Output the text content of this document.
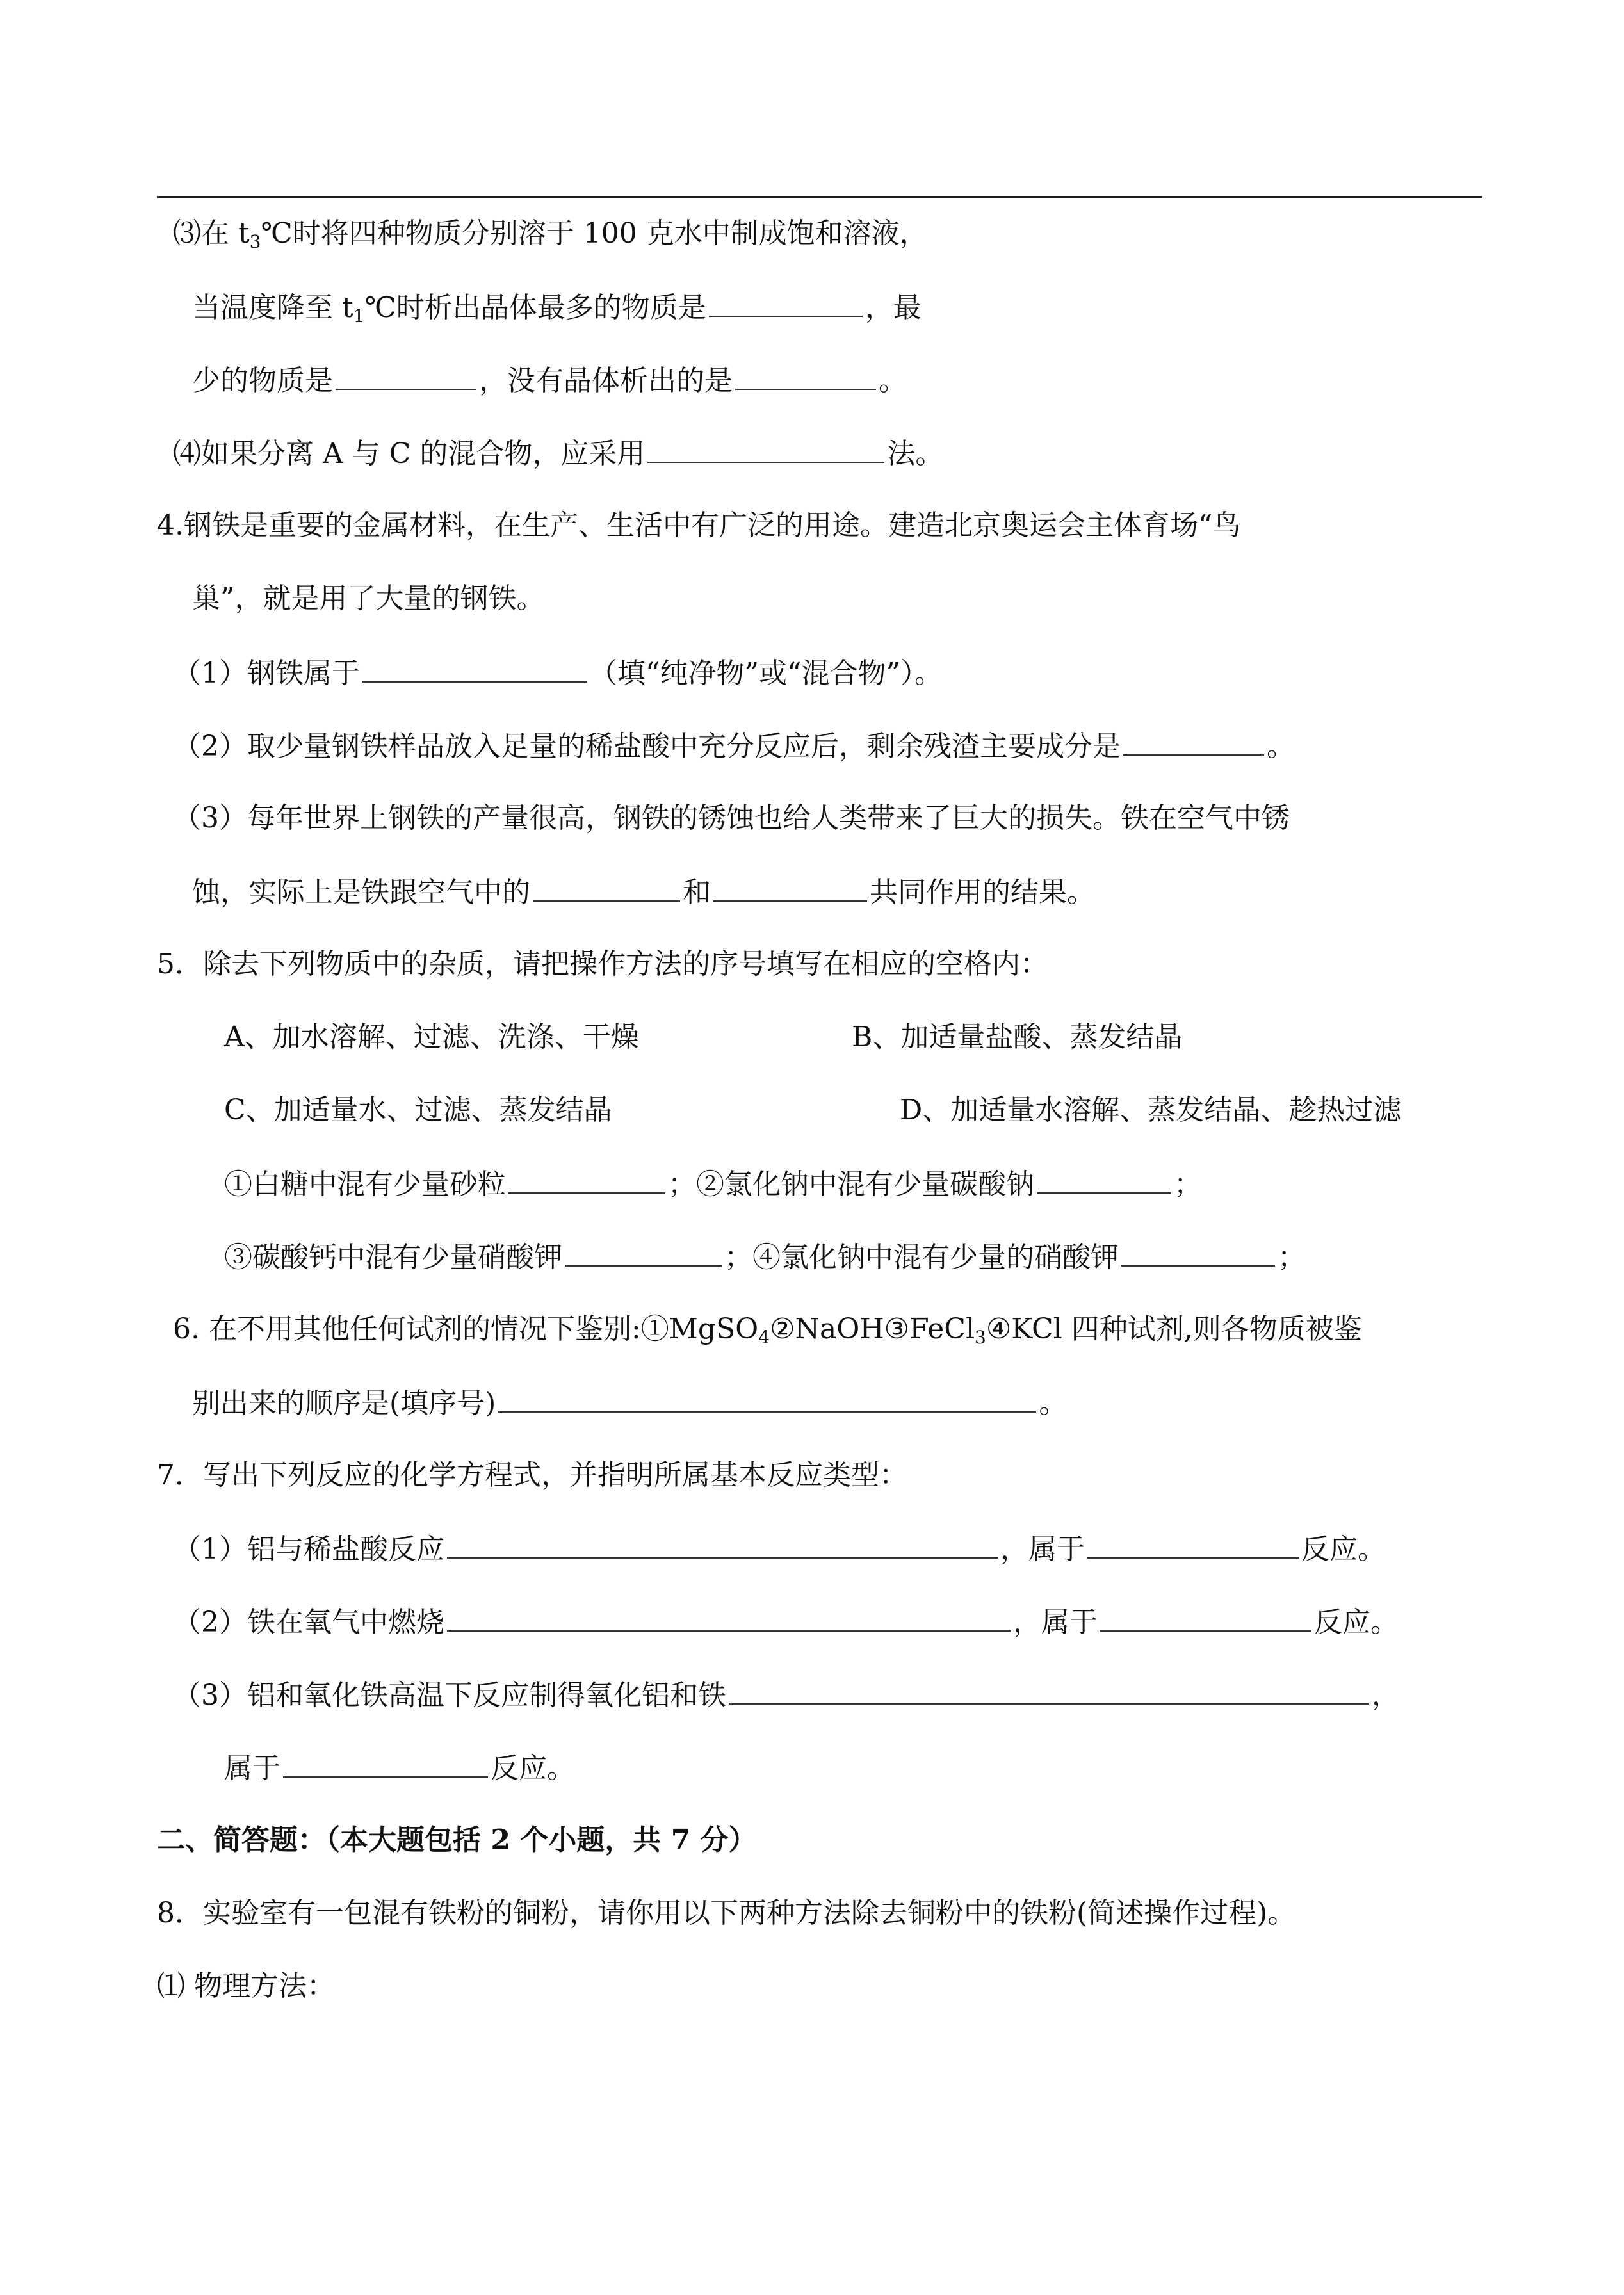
⑶在 $t_3℃$时将四种物质分别溶于 100 克水中制成饱和溶液，
当温度降至 $t_1℃$时析出晶体最多的物质是	，最
少的物质是	，没有晶体析出的是	。
⑷如果分离 A 与 C 的混合物，应采用	法。
4.钢铁是重要的金属材料，在生产、生活中有广泛的用途。建造北京奥运会主体育场“鸟
巢”，就是用了大量的钢铁。
（1）钢铁属于	（填“纯净物”或“混合物”）。
（2）取少量钢铁样品放入足量的稀盐酸中充分反应后，剩余残渣主要成分是	。
（3）每年世界上钢铁的产量很高，钢铁的锈蚀也给人类带来了巨大的损失。铁在空气中锈
蚀，实际上是铁跟空气中的	和	共同作用的结果。
5．除去下列物质中的杂质，请把操作方法的序号填写在相应的空格内：
A、加水溶解、过滤、洗涤、干燥	B、加适量盐酸、蒸发结晶
C、加适量水、过滤、蒸发结晶	D、加适量水溶解、蒸发结晶、趁热过滤
①白糖中混有少量砂粒	；②氯化钠中混有少量碳酸钠	；
③碳酸钙中混有少量硝酸钾	；④氯化钠中混有少量的硝酸钾	；
6. 在不用其他任何试剂的情况下鉴别:①MgSO$_4$②NaOH③FeCl$_3$④KCl 四种试剂,则各物质被鉴
别出来的顺序是(填序号)	。
7．写出下列反应的化学方程式，并指明所属基本反应类型：
（1）铝与稀盐酸反应	，属于	反应。
（2）铁在氧气中燃烧	，属于	反应。
（3）铝和氧化铁高温下反应制得氧化铝和铁	，
属于	反应。
二、简答题：（本大题包括 2 个小题，共 7 分）
8．实验室有一包混有铁粉的铜粉，请你用以下两种方法除去铜粉中的铁粉(简述操作过程)。
⑴ 物理方法：
